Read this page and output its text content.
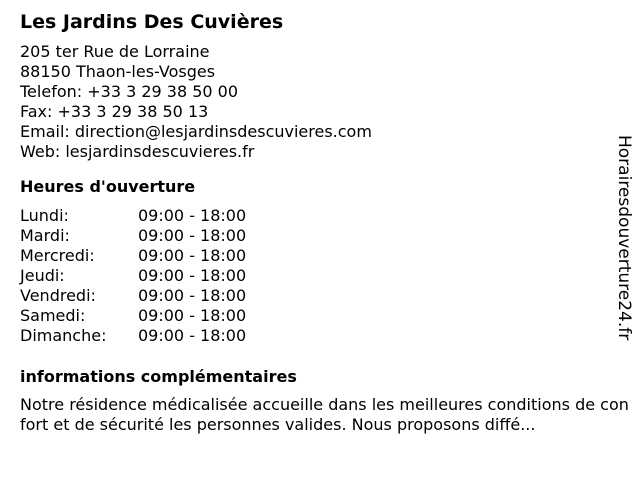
Les Jardins Des Cuvières
205 ter Rue de Lorraine
88150 Thaon-les-Vosges
Telefon: +33 3 29 38 50 00
Fax: +33 3 29 38 50 13
Email: direction@lesjardinsdescuvieres.com
Web: lesjardinsdescuvieres.fr
Heures d'ouverture
Lundi:	09:00 - 18:00
Mardi:	09:00 - 18:00
Mercredi:	09:00 - 18:00
Jeudi:	09:00 - 18:00
Vendredi:	09:00 - 18:00
Samedi:	09:00 - 18:00
Dimanche:	09:00 - 18:00
informations complémentaires
Notre résidence médicalisée accueille dans les meilleures conditions de confort et de sécurité les personnes valides. Nous proposons diffé...
Horairesdouverture24.fr
